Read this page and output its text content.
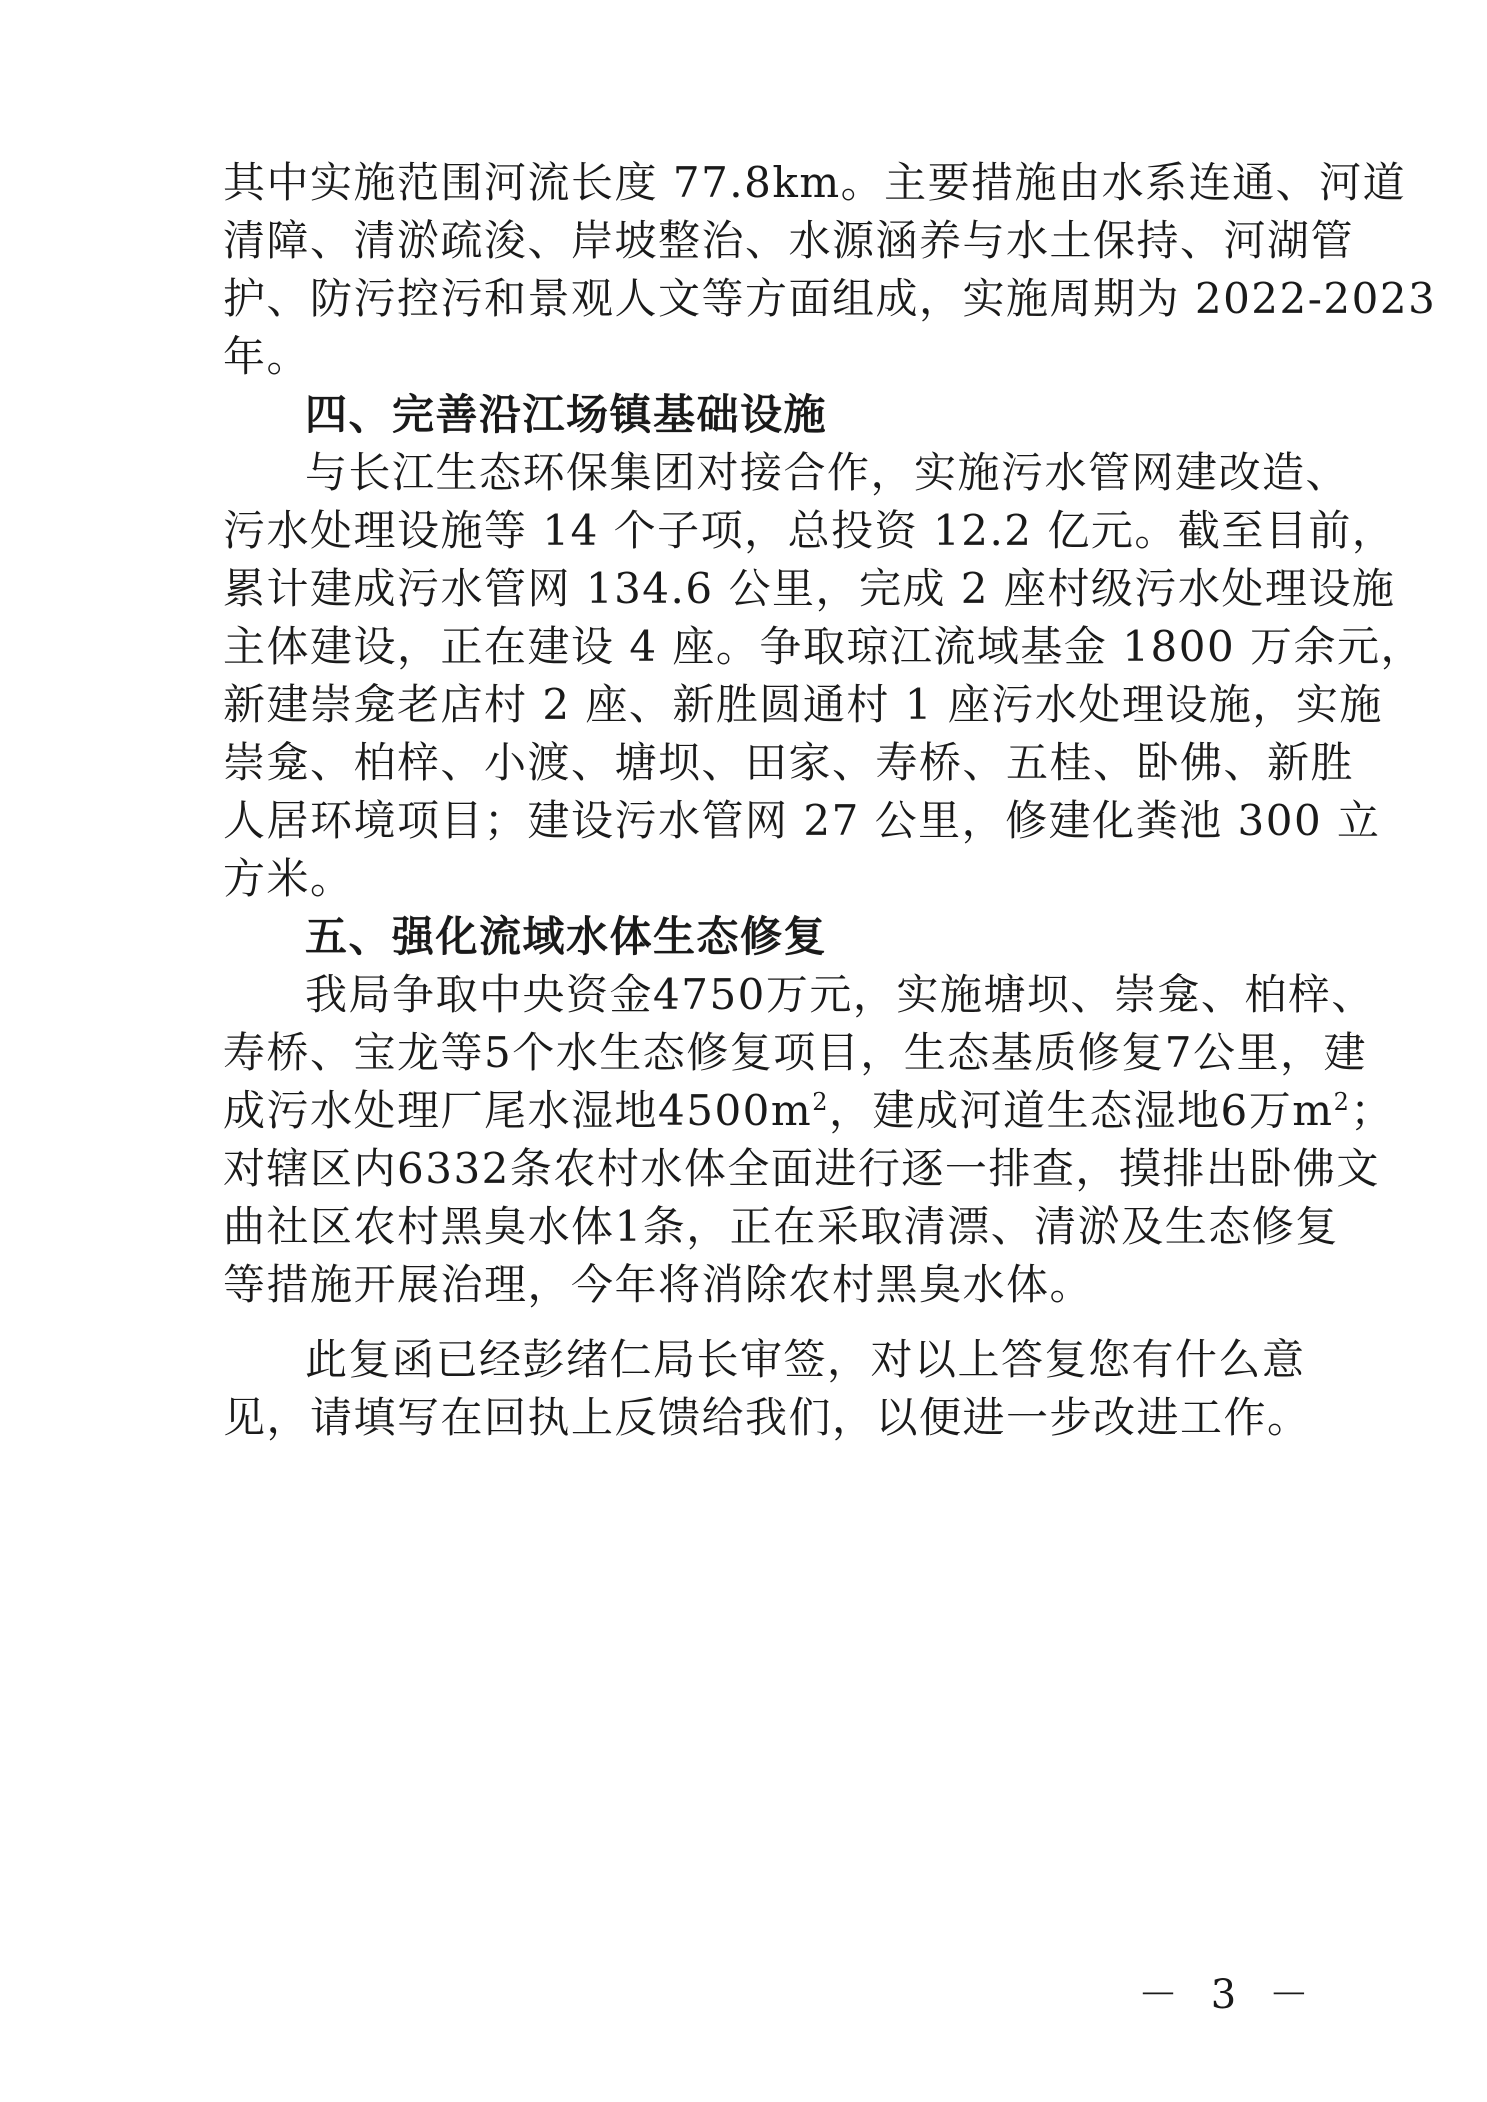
其中实施范围河流长度 77.8km。主要措施由水系连通、河道
清障、清淤疏浚、岸坡整治、水源涵养与水土保持、河湖管
护、防污控污和景观人文等方面组成，实施周期为 2022-2023
年。
四、完善沿江场镇基础设施
与长江生态环保集团对接合作，实施污水管网建改造、
污水处理设施等 14 个子项，总投资 12.2 亿元。截至目前，
累计建成污水管网 134.6 公里，完成 2 座村级污水处理设施
主体建设，正在建设 4 座。争取琼江流域基金 1800 万余元，
新建崇龛老店村 2 座、新胜圆通村 1 座污水处理设施，实施
崇龛、柏梓、小渡、塘坝、田家、寿桥、五桂、卧佛、新胜
人居环境项目；建设污水管网 27 公里，修建化粪池 300 立
方米。
五、强化流域水体生态修复
我局争取中央资金4750万元，实施塘坝、崇龛、柏梓、
寿桥、宝龙等5个水生态修复项目，生态基质修复7公里，建
成污水处理厂尾水湿地$4500m^2$，建成河道生态湿地6万$m^2$；
对辖区内6332条农村水体全面进行逐一排查，摸排出卧佛文
曲社区农村黑臭水体1条，正在采取清漂、清淤及生态修复
等措施开展治理，今年将消除农村黑臭水体。
此复函已经彭绪仁局长审签，对以上答复您有什么意
见，请填写在回执上反馈给我们，以便进一步改进工作。
－ 3 －
